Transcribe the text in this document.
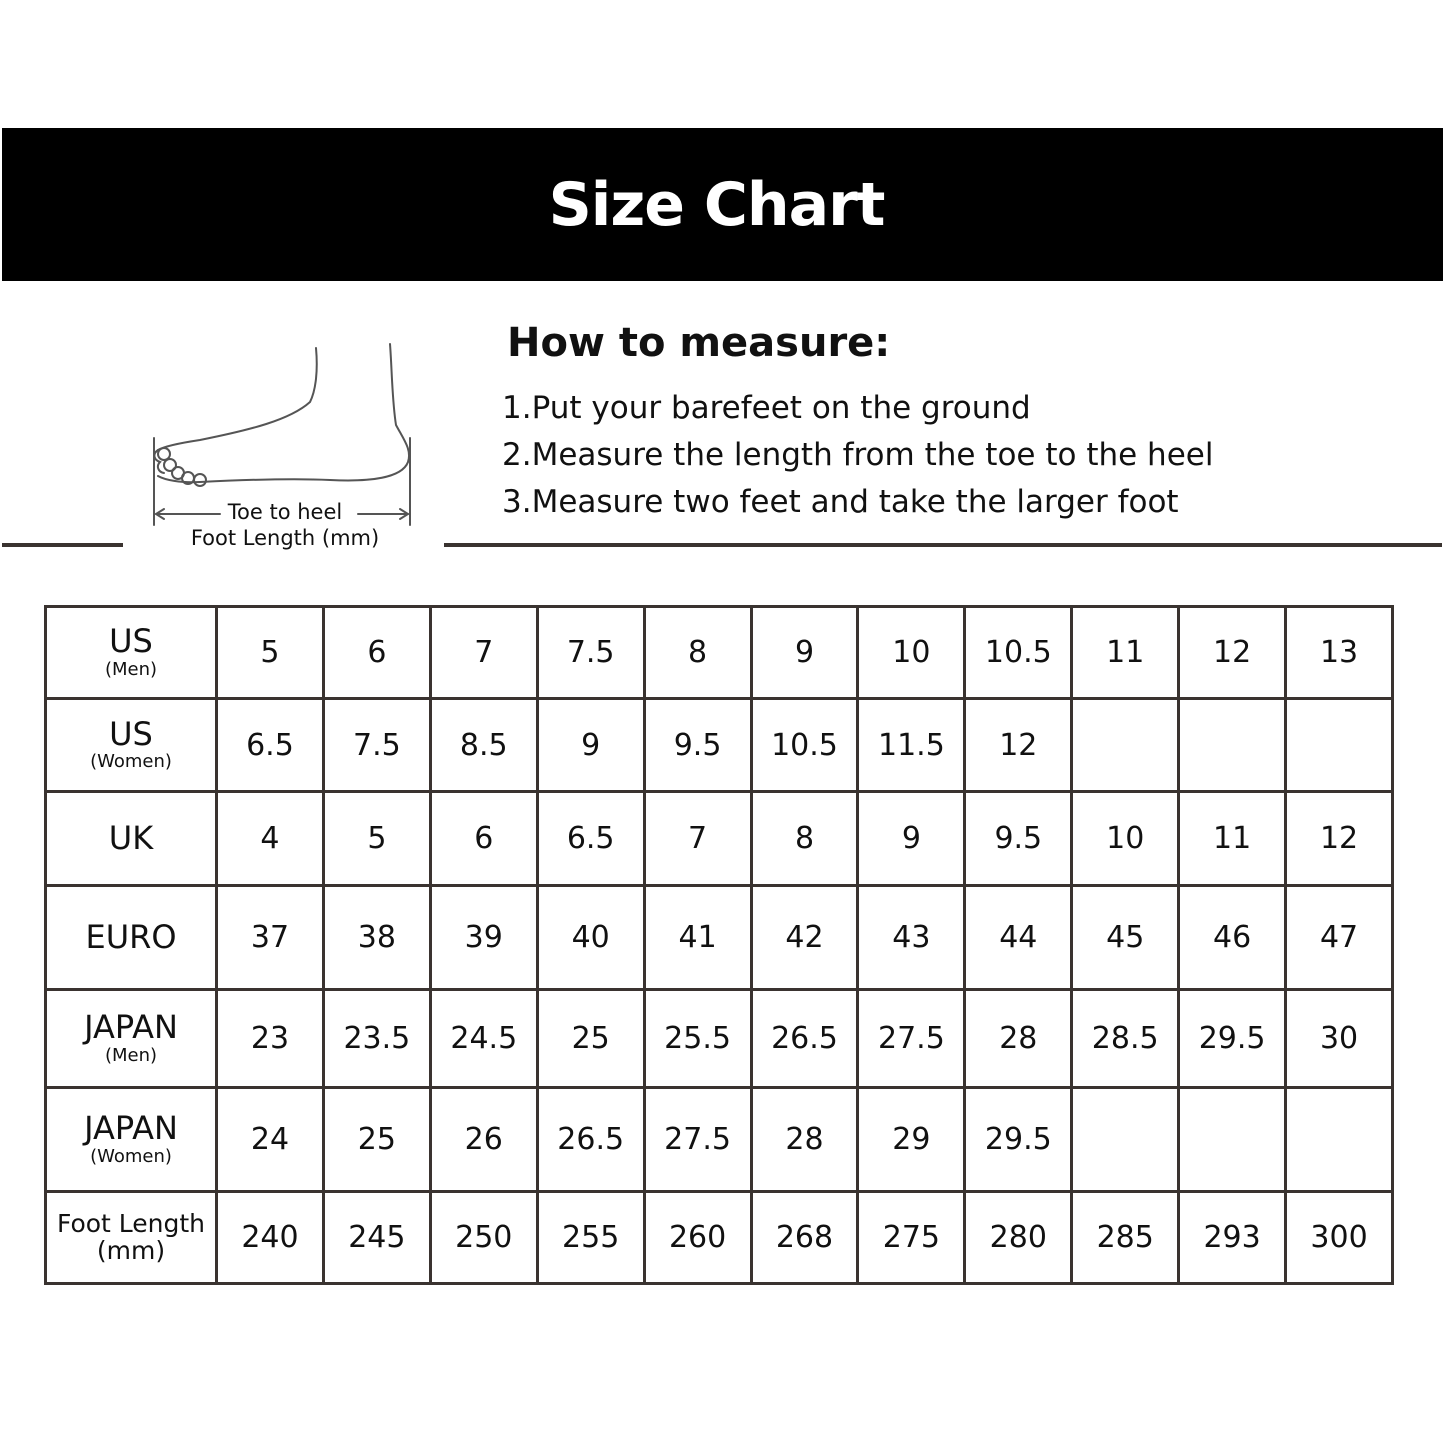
Size Chart
Toe to heel
Foot Length (mm)
How to measure:
1.Put your barefeet on the ground
2.Measure the length from the toe to the heel
3.Measure two feet and take the larger foot
US
(Men)	5	6	7	7.5	8	9	10	10.5	11	12	13

US
(Women)	6.5	7.5	8.5	9	9.5	10.5	11.5	12			

UK	4	5	6	6.5	7	8	9	9.5	10	11	12

EURO	37	38	39	40	41	42	43	44	45	46	47

JAPAN
(Men)	23	23.5	24.5	25	25.5	26.5	27.5	28	28.5	29.5	30

JAPAN
(Women)	24	25	26	26.5	27.5	28	29	29.5			

Foot Length
(mm)	240	245	250	255	260	268	275	280	285	293	300
